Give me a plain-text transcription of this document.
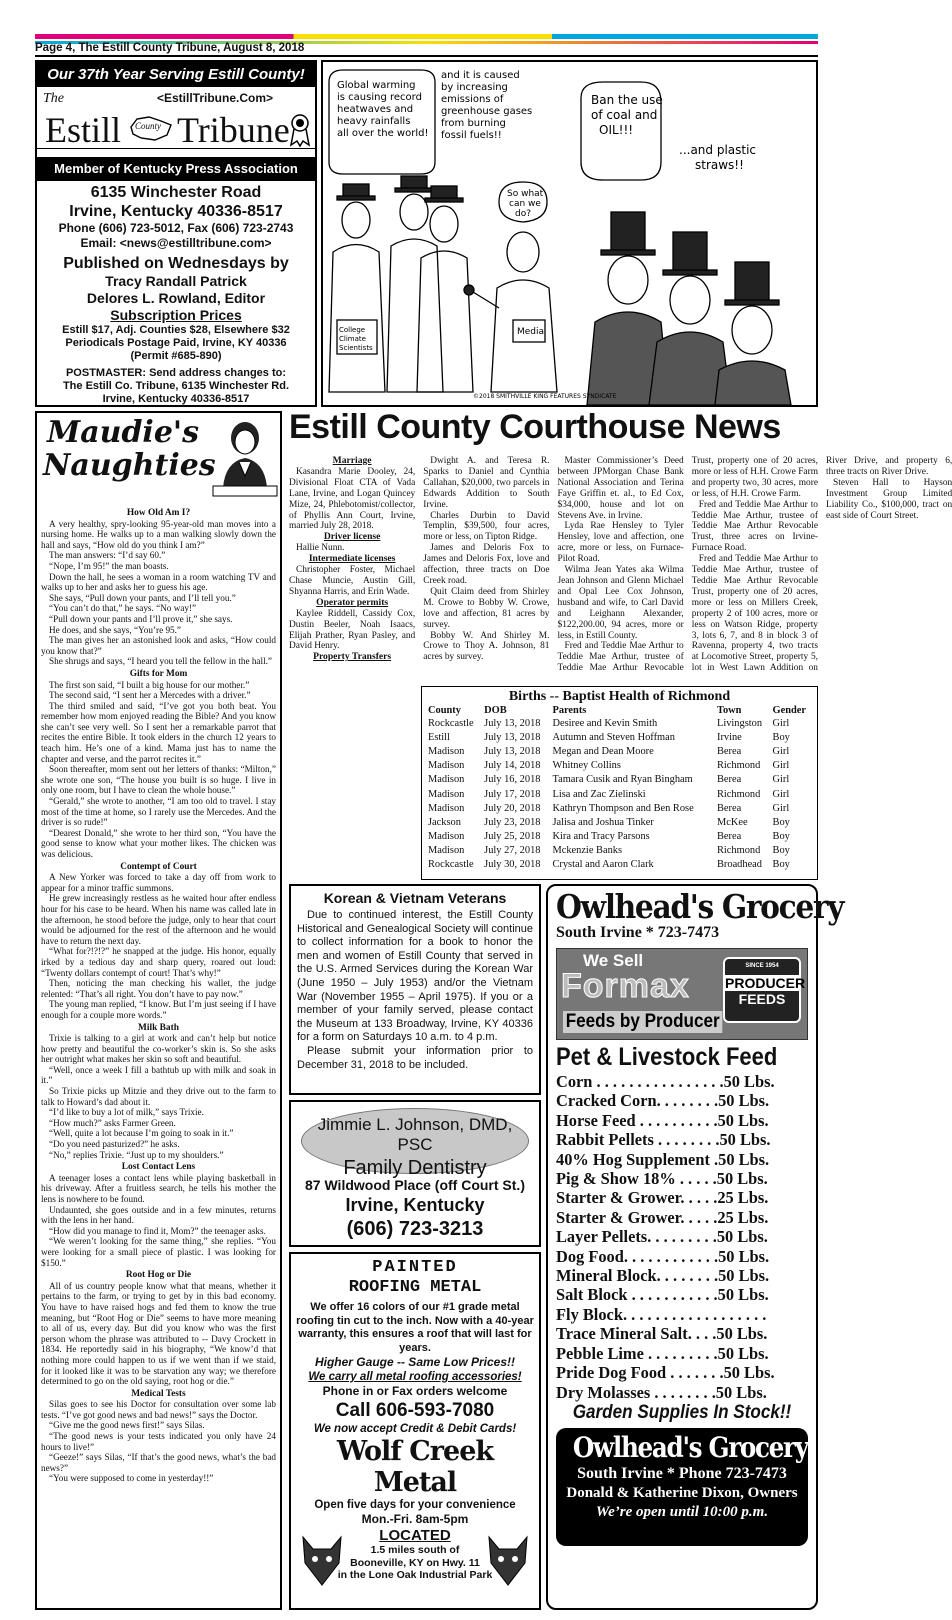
Page 4, The Estill County Tribune, August 8, 2018
Our 37th Year Serving Estill County!
The	<EstillTribune.Com>
Estill County Tribune
Member of Kentucky Press Association
6135 Winchester Road
Irvine, Kentucky 40336-8517
Phone (606) 723-5012, Fax (606) 723-2743
Email: <news@estilltribune.com>
Published on Wednesdays by
Tracy Randall Patrick
Delores L. Rowland, Editor
Subscription Prices
Estill $17, Adj. Counties $28, Elsewhere $32
Periodicals Postage Paid, Irvine, KY 40336
(Permit #685-890)
POSTMASTER: Send address changes to:
The Estill Co. Tribune, 6135 Winchester Rd.
Irvine, Kentucky 40336-8517
Global warming is causing record heatwaves and heavy rainfalls all over the world!
and it is caused by increasing emissions of greenhouse gases from burning fossil fuels!!
So what can we do?
Ban the use of coal and OIL!!!
...and plastic straws!!
College Climate Scientists
Media
©2018 SMITHVILLE KING FEATURES SYNDICATE
Maudie's
Naughties
How Old Am I?

A very healthy, spry-looking 95-year-old man moves into a nursing home. He walks up to a man walking slowly down the hall and says, “How old do you think I am?”

The man answers: “I’d say 60.”

“Nope, I’m 95!” the man boasts.

Down the hall, he sees a woman in a room watching TV and walks up to her and asks her to guess his age.

She says, “Pull down your pants, and I’ll tell you.”

“You can’t do that,” he says. “No way!”

“Pull down your pants and I’ll prove it,” she says.

He does, and she says, “You’re 95.”

The man gives her an astonished look and asks, “How could you know that?”

She shrugs and says, “I heard you tell the fellow in the hall.”

Gifts for Mom

The first son said, “I built a big house for our mother.”

The second said, “I sent her a Mercedes with a driver.”

The third smiled and said, “I’ve got you both beat. You remember how mom enjoyed reading the Bible? And you know she can’t see very well. So I sent her a remarkable parrot that recites the entire Bible. It took elders in the church 12 years to teach him. He’s one of a kind. Mama just has to name the chapter and verse, and the parrot recites it.”

Soon thereafter, mom sent out her letters of thanks: “Milton,” she wrote one son, “The house you built is so huge. I live in only one room, but I have to clean the whole house.”

“Gerald,” she wrote to another, “I am too old to travel. I stay most of the time at home, so I rarely use the Mercedes. And the driver is so rude!”

“Dearest Donald,” she wrote to her third son, “You have the good sense to know what your mother likes. The chicken was was delicious.

Contempt of Court

A New Yorker was forced to take a day off from work to appear for a minor traffic summons.

He grew increasingly restless as he waited hour after endless hour for his case to be heard. When his name was called late in the afternoon, he stood before the judge, only to hear that court would be adjourned for the rest of the afternoon and he would have to return the next day.

“What for?!?!?” he snapped at the judge. His honor, equally irked by a tedious day and sharp query, roared out loud: “Twenty dollars contempt of court! That’s why!”

Then, noticing the man checking his wallet, the judge relented: “That’s all right. You don’t have to pay now.”

The young man replied, “I know. But I’m just seeing if I have enough for a couple more words.”

Milk Bath

Trixie is talking to a girl at work and can’t help but notice how pretty and beautiful the co-worker’s skin is. So she asks her outright what makes her skin so soft and beautiful.

“Well, once a week I fill a bathtub up with milk and soak in it.”

So Trixie picks up Mitzie and they drive out to the farm to talk to Howard’s dad about it.

“I’d like to buy a lot of milk,” says Trixie.

“How much?” asks Farmer Green.

“Well, quite a lot because I’m going to soak in it.”

“Do you need pasturized?” he asks.

“No,” replies Trixie. “Just up to my shoulders.”

Lost Contact Lens

A teenager loses a contact lens while playing basketball in his driveway. After a fruitless search, he tells his mother the lens is nowhere to be found.

Undaunted, she goes outside and in a few minutes, returns with the lens in her hand.

“How did you manage to find it, Mom?” the teenager asks.

“We weren’t looking for the same thing,” she replies. “You were looking for a small piece of plastic. I was looking for $150.”

Root Hog or Die

All of us country people know what that means, whether it pertains to the farm, or trying to get by in this bad economy. You have to have raised hogs and fed them to know the true meaning, but “Root Hog or Die” seems to have more meaning to all of us, every day. But did you know who was the first person whom the phrase was attributed to -- Davy Crockett in 1834. He reportedly said in his biography, “We know’d that nothing more could happen to us if we went than if we staid, for it looked like it was to be starvation any way; we therefore determined to go on the old saying, root hog or die.”

Medical Tests

Silas goes to see his Doctor for consultation over some lab tests. “I’ve got good news and bad news!” says the Doctor.

“Give me the good news first!” says Silas.

“The good news is your tests indicated you only have 24 hours to live!”

“Geeze!” says Silas, “If that’s the good news, what’s the bad news?”

“You were supposed to come in yesterday!!”

Estill County Courthouse News
Marriage

Kasandra Marie Dooley, 24, Divisional Float CTA of Vada Lane, Irvine, and Logan Quincey Mize, 24, Phlebotomist/collector, of Phyllis Ann Court, Irvine, married July 28, 2018.

Driver license

Hallie Nunn.

Intermediate licenses

Christopher Foster, Michael Chase Muncie, Austin Gill, Shyanna Harris, and Erin Wade.

Operator permits

Kaylee Riddell, Cassidy Cox, Dustin Beeler, Noah Isaacs, Elijah Prather, Ryan Pasley, and David Henry.

Property Transfers

Dwight A. and Teresa R. Sparks to Daniel and Cynthia Callahan, $20,000, two parcels in Edwards Addition to South Irvine.

Charles Durbin to David Templin, $39,500, four acres, more or less, on Tipton Ridge.

James and Deloris Fox to James and Deloris Fox, love and affection, three tracts on Doe Creek road.

Quit Claim deed from Shirley M. Crowe to Bobby W. Crowe, love and affection, 81 acres by survey.

Bobby W. And Shirley M. Crowe to Thoy A. Johnson, 81 acres by survey.

Master Commissioner’s Deed between JPMorgan Chase Bank National Association and Terina Faye Griffin et. al., to Ed Cox, $34,000, house and lot on Stevens Ave. in Irvine.

Lyda Rae Hensley to Tyler Hensley, love and affection, one acre, more or less, on Furnace-Pilot Road.

Wilma Jean Yates aka Wilma Jean Johnson and Glenn Michael and Opal Lee Cox Johnson, husband and wife, to Carl David and Leighann Alexander, $122,200.00, 94 acres, more or less, in Estill County.

Fred and Teddie Mae Arthur to Teddie Mae Arthur, trustee of Teddie Mae Arthur Revocable Trust, property one of 20 acres, more or less of H.H. Crowe Farm and property two, 30 acres, more or less, of H.H. Crowe Farm.

Fred and Teddie Mae Arthur to Teddie Mae Arthur, trustee of Teddie Mae Arthur Revocable Trust, three acres on Irvine-Furnace Road.

Fred and Teddie Mae Arthur to Teddie Mae Arthur, trustee of Teddie Mae Arthur Revocable Trust, property one of 20 acres, more or less on Millers Creek, property 2 of 100 acres, more or less on Watson Ridge, property 3, lots 6, 7, and 8 in block 3 of Ravenna, property 4, two tracts at Locomotive Street, property 5, lot in West Lawn Addition on River Drive, and property 6, three tracts on River Drive.

Steven Hall to Hayson Investment Group Limited Liability Co., $100,000, tract on east side of Court Street.

Births -- Baptist Health of Richmond
County	DOB	Parents	Town	Gender
Rockcastle	July 13, 2018	Desiree and Kevin Smith	Livingston	Girl
Estill	July 13, 2018	Autumn and Steven Hoffman	Irvine	Boy
Madison	July 13, 2018	Megan and Dean Moore	Berea	Girl
Madison	July 14, 2018	Whitney Collins	Richmond	Girl
Madison	July 16, 2018	Tamara Cusik and Ryan Bingham	Berea	Girl
Madison	July 17, 2018	Lisa and Zac Zielinski	Richmond	Girl
Madison	July 20, 2018	Kathryn Thompson and Ben Rose	Berea	Girl
Jackson	July 23, 2018	Jalisa and Joshua Tinker	McKee	Boy
Madison	July 25, 2018	Kira and Tracy Parsons	Berea	Boy
Madison	July 27, 2018	Mckenzie Banks	Richmond	Boy
Rockcastle	July 30, 2018	Crystal and Aaron Clark	Broadhead	Boy
Korean & Vietnam Veterans

Due to continued interest, the Estill County Historical and Genealogical Society will continue to collect information for a book to honor the men and women of Estill County that served in the U.S. Armed Services during the Korean War (June 1950 – July 1953) and/or the Vietnam War (November 1955 – April 1975). If you or a member of your family served, please contact the Museum at 133 Broadway, Irvine, KY 40336 for a form on Saturdays 10 a.m. to 4 p.m.

Please submit your information prior to December 31, 2018 to be included.

Jimmie L. Johnson, DMD, PSC
Family Dentistry
87 Wildwood Place (off Court St.)
Irvine, Kentucky
(606) 723-3213
PAINTED
ROOFING METAL
We offer 16 colors of our #1 grade metal roofing tin cut to the inch. Now with a 40-year warranty, this ensures a roof that will last for years.
Higher Gauge -- Same Low Prices!!
We carry all metal roofing accessories!
Phone in or Fax orders welcome
Call 606-593-7080
We now accept Credit & Debit Cards!
Wolf Creek Metal
Open five days for your convenience
Mon.-Fri. 8am-5pm
LOCATED
1.5 miles south of
Booneville, KY on Hwy. 11
in the Lone Oak Industrial Park
Owlhead's Grocery
South Irvine * 723-7473
We Sell
Formax
Feeds by Producer
SINCE 1954
PRODUCER
FEEDS
Pet & Livestock Feed
Corn . . . . . . . . . . . . . . . .50 Lbs.
Cracked Corn. . . . . . . .50 Lbs.
Horse Feed . . . . . . . . . .50 Lbs.
Rabbit Pellets . . . . . . . .50 Lbs.
40% Hog Supplement .50 Lbs.
Pig & Show 18% . . . . .50 Lbs.
Starter & Grower. . . . .25 Lbs.
Starter & Grower. . . . .25 Lbs.
Layer Pellets. . . . . . . . .50 Lbs.
Dog Food. . . . . . . . . . . .50 Lbs.
Mineral Block. . . . . . . .50 Lbs.
Salt Block . . . . . . . . . . .50 Lbs.
Fly Block. . . . . . . . . . . . . . . . . .
Trace Mineral Salt. . . .50 Lbs.
Pebble Lime . . . . . . . . .50 Lbs.
Pride Dog Food . . . . . . .50 Lbs.
Dry Molasses . . . . . . . .50 Lbs.
Garden Supplies In Stock!!
Owlhead's Grocery
South Irvine * Phone 723-7473
Donald & Katherine Dixon, Owners
We’re open until 10:00 p.m.
